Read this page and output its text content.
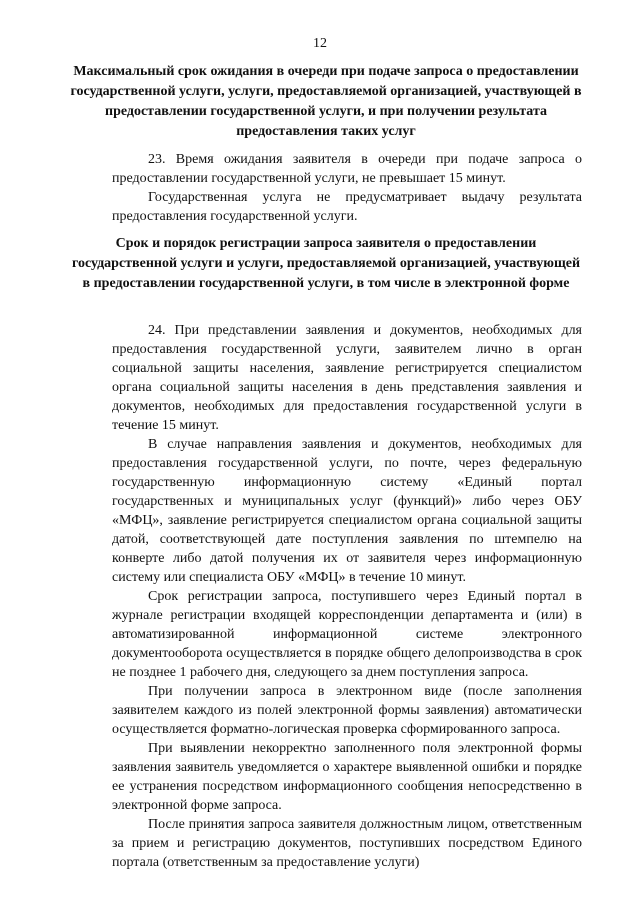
12
Максимальный срок ожидания в очереди при подаче запроса о предоставлении государственной услуги, услуги, предоставляемой организацией, участвующей в предоставлении государственной услуги, и при получении результата предоставления таких услуг

23. Время ожидания заявителя в очереди при подаче запроса о предоставлении государственной услуги, не превышает 15 минут.

Государственная услуга не предусматривает выдачу результата предоставления государственной услуги.

Срок и порядок регистрации запроса заявителя о предоставлении государственной услуги и услуги, предоставляемой организацией, участвующей в предоставлении государственной услуги, в том числе в электронной форме

24. При представлении заявления и документов, необходимых для предоставления государственной услуги, заявителем лично в орган социальной защиты населения, заявление регистрируется специалистом органа социальной защиты населения в день представления заявления и документов, необходимых для предоставления государственной услуги в течение 15 минут.

В случае направления заявления и документов, необходимых для предоставления государственной услуги, по почте, через федеральную государственную информационную систему «Единый портал государственных и муниципальных услуг (функций)» либо через ОБУ «МФЦ», заявление регистрируется специалистом органа социальной защиты датой, соответствующей дате поступления заявления по штемпелю на конверте либо датой получения их от заявителя через информационную систему или специалиста ОБУ «МФЦ» в течение 10 минут.

Срок регистрации запроса, поступившего через Единый портал в журнале регистрации входящей корреспонденции департамента и (или) в автоматизированной информационной системе электронного документооборота осуществляется в порядке общего делопроизводства в срок не позднее 1 рабочего дня, следующего за днем поступления запроса.

При получении запроса в электронном виде (после заполнения заявителем каждого из полей электронной формы заявления) автоматически осуществляется форматно-логическая проверка сформированного запроса.

При выявлении некорректно заполненного поля электронной формы заявления заявитель уведомляется о характере выявленной ошибки и порядке ее устранения посредством информационного сообщения непосредственно в электронной форме запроса.

После принятия запроса заявителя должностным лицом, ответственным за прием и регистрацию документов, поступивших посредством Единого портала (ответственным за предоставление услуги)
